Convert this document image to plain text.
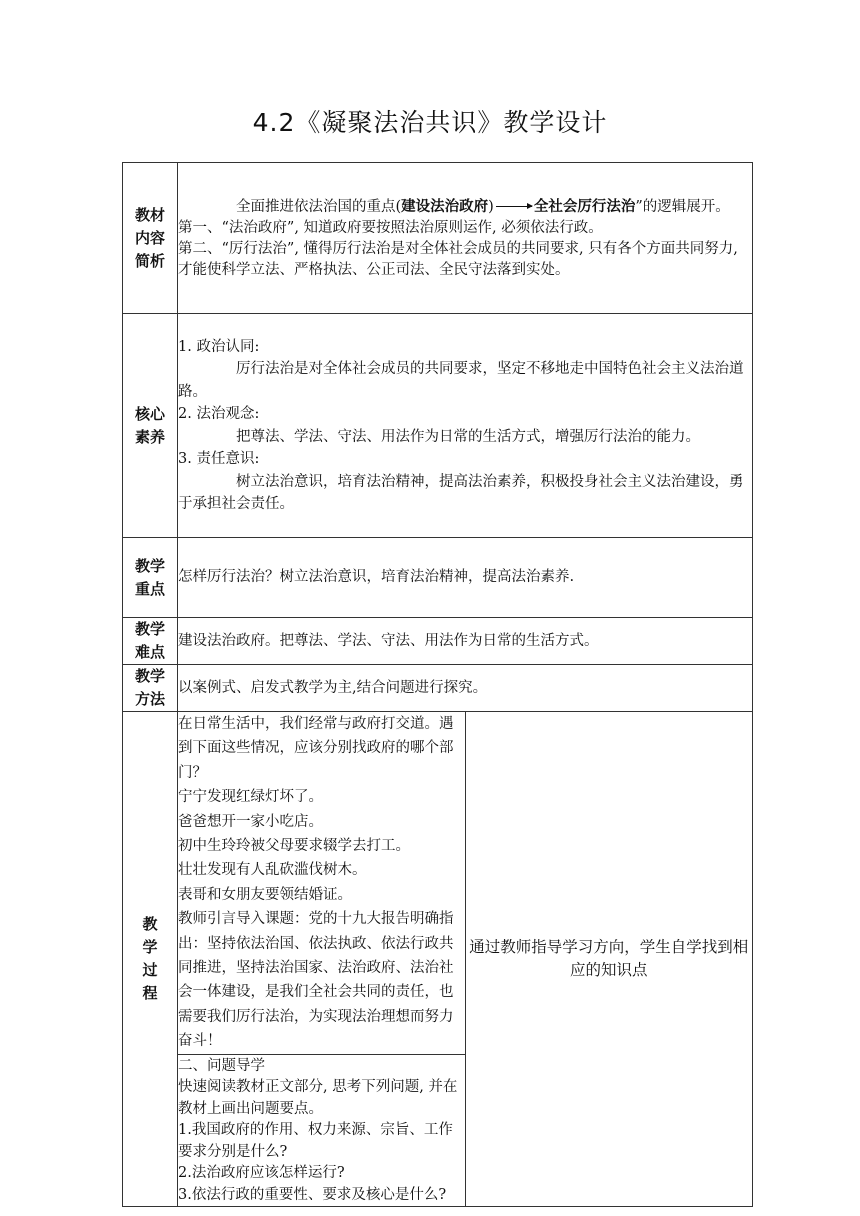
4.2《凝聚法治共识》教学设计
教材
内容
简析

全面推进依法治国的重点(建设法治政府)	全社会厉行法治”的逻辑展开。

第一、“法治政府”, 知道政府要按照法治原则运作, 必须依法行政。

第二、“厉行法治”, 懂得厉行法治是对全体社会成员的共同要求, 只有各个方面共同努力, 才能使科学立法、严格执法、公正司法、全民守法落到实处。

核心
素养

1. 政治认同:

厉行法治是对全体社会成员的共同要求，坚定不移地走中国特色社会主义法治道路。

2. 法治观念:

把尊法、学法、守法、用法作为日常的生活方式，增强厉行法治的能力。

3. 责任意识:

树立法治意识，培育法治精神，提高法治素养，积极投身社会主义法治建设，勇于承担社会责任。

教学
重点
	怎样厉行法治？树立法治意识，培育法治精神，提高法治素养.

教学
难点
	建设法治政府。把尊法、学法、守法、用法作为日常的生活方式。

教学
方法
	以案例式、启发式教学为主,结合问题进行探究。

教
学
过
程

在日常生活中，我们经常与政府打交道。遇到下面这些情况，应该分别找政府的哪个部门？

宁宁发现红绿灯坏了。

爸爸想开一家小吃店。

初中生玲玲被父母要求辍学去打工。

壮壮发现有人乱砍滥伐树木。

表哥和女朋友要领结婚证。

教师引言导入课题：党的十九大报告明确指出：坚持依法治国、依法执政、依法行政共同推进，坚持法治国家、法治政府、法治社会一体建设，是我们全社会共同的责任，也需要我们厉行法治，为实现法治理想而努力奋斗！

二、问题导学

快速阅读教材正文部分, 思考下列问题, 并在教材上画出问题要点。

1.我国政府的作用、权力来源、宗旨、工作要求分别是什么?

2.法治政府应该怎样运行?

3.依法行政的重要性、要求及核心是什么?

	通过教师指导学习方向，学生自学找到相应的知识点
